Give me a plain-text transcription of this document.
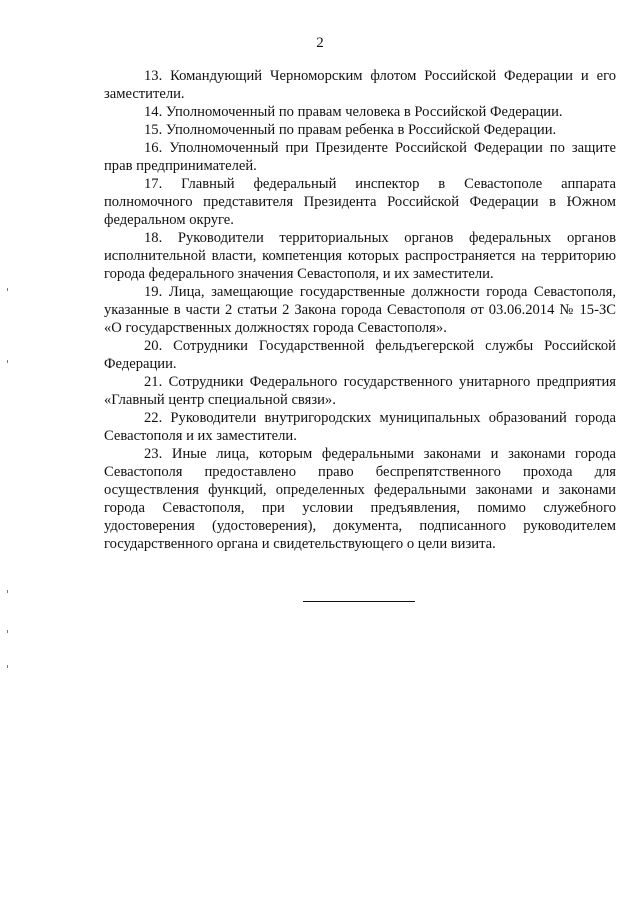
2

13. Командующий Черноморским флотом Российской Федерации и его заместители.

14. Уполномоченный по правам человека в Российской Федерации.

15. Уполномоченный по правам ребенка в Российской Федерации.

16. Уполномоченный при Президенте Российской Федерации по защите прав предпринимателей.

17. Главный федеральный инспектор в Севастополе аппарата полномочного представителя Президента Российской Федерации в Южном федеральном округе.

18. Руководители территориальных органов федеральных органов исполнительной власти, компетенция которых распространяется на территорию города федерального значения Севастополя, и их заместители.

19. Лица, замещающие государственные должности города Севастополя, указанные в части 2 статьи 2 Закона города Севастополя от 03.06.2014 № 15-ЗС «О государственных должностях города Севастополя».

20. Сотрудники Государственной фельдъегерской службы Российской Федерации.

21. Сотрудники Федерального государственного унитарного предприятия «Главный центр специальной связи».

22. Руководители внутригородских муниципальных образований города Севастополя и их заместители.

23. Иные лица, которым федеральными законами и законами города Севастополя предоставлено право беспрепятственного прохода для осуществления функций, определенных федеральными законами и законами города Севастополя, при условии предъявления, помимо служебного удостоверения (удостоверения), документа, подписанного руководителем государственного органа и свидетельствующего о цели визита.
